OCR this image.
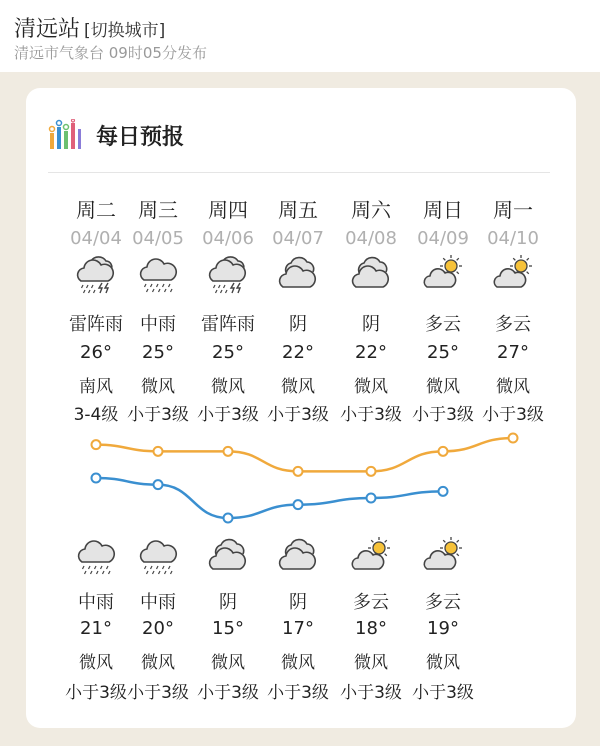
清远站 [切换城市]
清远市气象台 09时05分发布
每日预报
周二
04/04
雷阵雨
26°
南风
3-4级
中雨
21°
微风
小于3级
周三
04/05
中雨
25°
微风
小于3级
中雨
20°
微风
小于3级
周四
04/06
雷阵雨
25°
微风
小于3级
阴
15°
微风
小于3级
周五
04/07
阴
22°
微风
小于3级
阴
17°
微风
小于3级
周六
04/08
阴
22°
微风
小于3级
多云
18°
微风
小于3级
周日
04/09
多云
25°
微风
小于3级
多云
19°
微风
小于3级
周一
04/10
多云
27°
微风
小于3级
